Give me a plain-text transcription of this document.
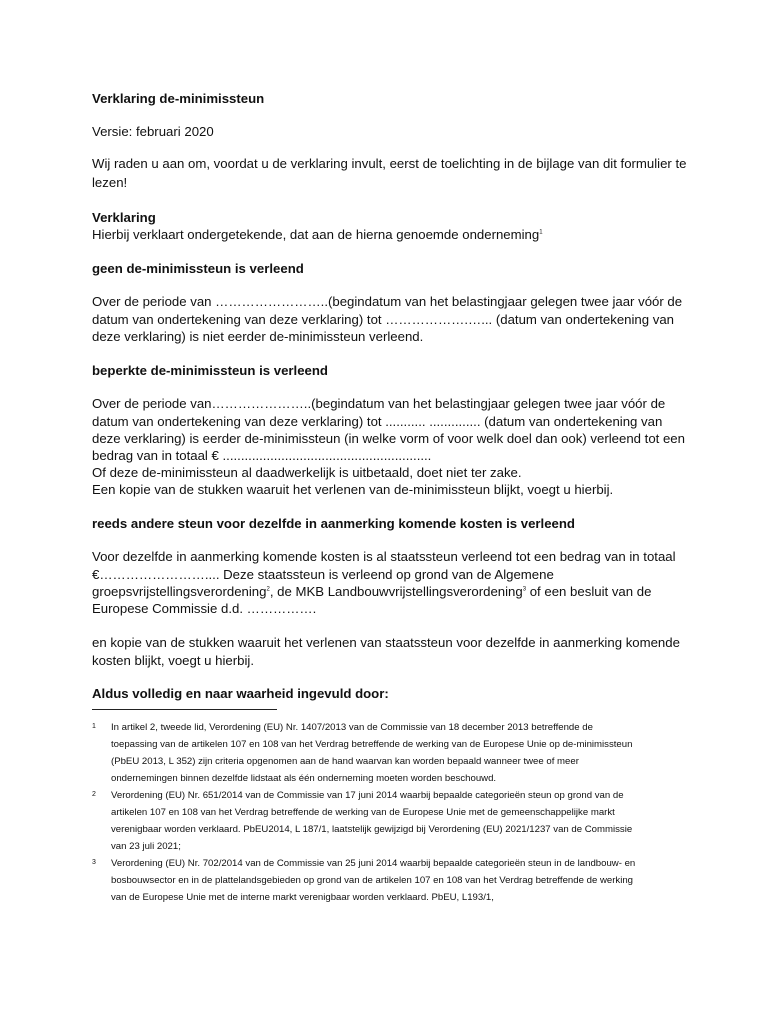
Verklaring de-minimissteun
Versie: februari 2020
Wij raden u aan om, voordat u de verklaring invult, eerst de toelichting in de bijlage van dit formulier te
lezen!
Verklaring
Hierbij verklaart ondergetekende, dat aan de hierna genoemde onderneming$^1$
geen de-minimissteun is verleend
Over de periode van ……………………..(begindatum van het belastingjaar gelegen twee jaar vóór de
datum van ondertekening van deze verklaring) tot ……………….…... (datum van ondertekening van
deze verklaring) is niet eerder de-minimissteun verleend.
beperkte de-minimissteun is verleend
Over de periode van…………………..(begindatum van het belastingjaar gelegen twee jaar vóór de
datum van ondertekening van deze verklaring) tot ........... .............. (datum van ondertekening van
deze verklaring) is eerder de-minimissteun (in welke vorm of voor welk doel dan ook) verleend tot een
bedrag van in totaal € .........................................................
Of deze de-minimissteun al daadwerkelijk is uitbetaald, doet niet ter zake.
Een kopie van de stukken waaruit het verlenen van de-minimissteun blijkt, voegt u hierbij.
reeds andere steun voor dezelfde in aanmerking komende kosten is verleend
Voor dezelfde in aanmerking komende kosten is al staatssteun verleend tot een bedrag van in totaal
€…………………….... Deze staatssteun is verleend op grond van de Algemene
groepsvrijstellingsverordening$^2$, de MKB Landbouwvrijstellingsverordening$^3$ of een besluit van de
Europese Commissie d.d. …………….
en kopie van de stukken waaruit het verlenen van staatssteun voor dezelfde in aanmerking komende
kosten blijkt, voegt u hierbij.
Aldus volledig en naar waarheid ingevuld door:
1 In artikel 2, tweede lid, Verordening (EU) Nr. 1407/2013 van de Commissie van 18 december 2013 betreffende de
toepassing van de artikelen 107 en 108 van het Verdrag betreffende de werking van de Europese Unie op de-minimissteun
(PbEU 2013, L 352) zijn criteria opgenomen aan de hand waarvan kan worden bepaald wanneer twee of meer
ondernemingen binnen dezelfde lidstaat als één onderneming moeten worden beschouwd.
2 Verordening (EU) Nr. 651/2014 van de Commissie van 17 juni 2014 waarbij bepaalde categorieën steun op grond van de
artikelen 107 en 108 van het Verdrag betreffende de werking van de Europese Unie met de gemeenschappelijke markt
verenigbaar worden verklaard. PbEU2014, L 187/1, laatstelijk gewijzigd bij Verordening (EU) 2021/1237 van de Commissie
van 23 juli 2021;
3 Verordening (EU) Nr. 702/2014 van de Commissie van 25 juni 2014 waarbij bepaalde categorieën steun in de landbouw- en
bosbouwsector en in de plattelandsgebieden op grond van de artikelen 107 en 108 van het Verdrag betreffende de werking
van de Europese Unie met de interne markt verenigbaar worden verklaard. PbEU, L193/1,
